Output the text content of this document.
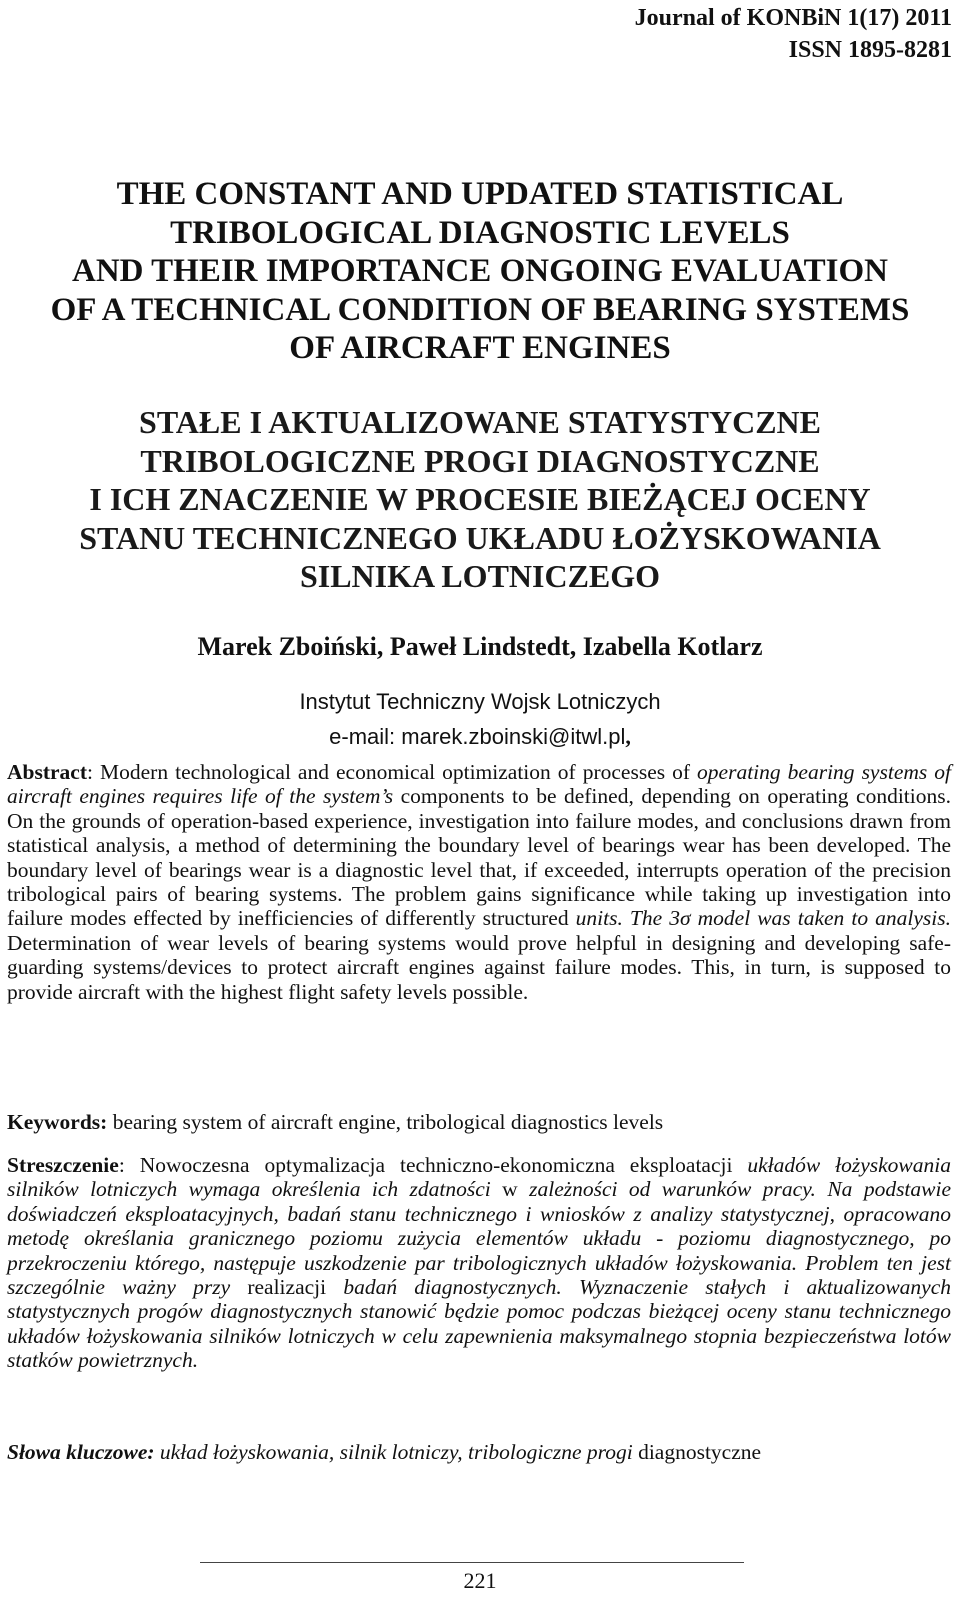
Journal of KONBiN 1(17) 2011
ISSN 1895-8281
THE CONSTANT AND UPDATED STATISTICAL
TRIBOLOGICAL DIAGNOSTIC LEVELS
AND THEIR IMPORTANCE ONGOING EVALUATION
OF A TECHNICAL CONDITION OF BEARING SYSTEMS
OF AIRCRAFT ENGINES
STAŁE I AKTUALIZOWANE STATYSTYCZNE
TRIBOLOGICZNE PROGI DIAGNOSTYCZNE
I ICH ZNACZENIE W PROCESIE BIEŻĄCEJ OCENY
STANU TECHNICZNEGO UKŁADU ŁOŻYSKOWANIA
SILNIKA LOTNICZEGO
Marek Zboiński, Paweł Lindstedt, Izabella Kotlarz
Instytut Techniczny Wojsk Lotniczych
e-mail: marek.zboinski@itwl.pl,
Abstract: Modern technological and economical optimization of processes of operating bearing systems of aircraft engines requires life of the system’s components to be defined, depending on operating conditions. On the grounds of operation-based experience, investigation into failure modes, and conclusions drawn from statistical analysis, a method of determining the boundary level of bearings wear has been developed. The boundary level of bearings wear is a diagnostic level that, if exceeded, interrupts operation of the precision tribological pairs of bearing systems. The problem gains significance while taking up investigation into failure modes effected by inefficiencies of differently structured units. The 3σ model was taken to analysis. Determination of wear levels of bearing systems would prove helpful in designing and developing safe-guarding systems/devices to protect aircraft engines against failure modes. This, in turn, is supposed to provide aircraft with the highest flight safety levels possible.
Keywords: bearing system of aircraft engine, tribological diagnostics levels
Streszczenie: Nowoczesna optymalizacja techniczno-ekonomiczna eksploatacji układów łożyskowania silników lotniczych wymaga określenia ich zdatności w zależności od warunków pracy. Na podstawie doświadczeń eksploatacyjnych, badań stanu technicznego i wniosków z analizy statystycznej, opracowano metodę określania granicznego poziomu zużycia elementów układu - poziomu diagnostycznego, po przekroczeniu którego, następuje uszkodzenie par tribologicznych układów łożyskowania. Problem ten jest szczególnie ważny przy realizacji badań diagnostycznych. Wyznaczenie stałych i aktualizowanych statystycznych progów diagnostycznych stanowić będzie pomoc podczas bieżącej oceny stanu technicznego układów łożyskowania silników lotniczych w celu zapewnienia maksymalnego stopnia bezpieczeństwa lotów statków powietrznych.
Słowa kluczowe: układ łożyskowania, silnik lotniczy, tribologiczne progi diagnostyczne
221
